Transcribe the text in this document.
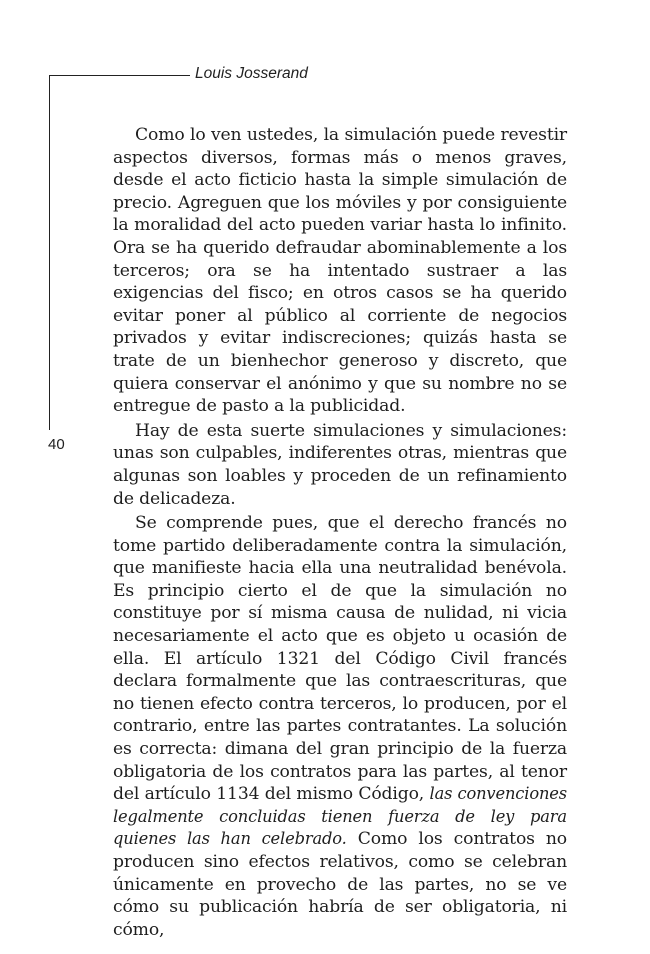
Louis Josserand
40

Como lo ven ustedes, la simulación puede revestir aspectos diversos, formas más o menos graves, desde el acto ficticio hasta la simple simulación de precio. Agreguen que los móviles y por consiguiente la moralidad del acto pueden variar hasta lo infinito. Ora se ha querido defraudar abominablemente a los terceros; ora se ha intentado sustraer a las exigencias del fisco; en otros casos se ha querido evitar poner al público al corriente de negocios privados y evitar indiscreciones; quizás hasta se trate de un bienhechor generoso y discreto, que quiera conservar el anónimo y que su nombre no se entregue de pasto a la publicidad.

Hay de esta suerte simulaciones y simulaciones: unas son culpables, indiferentes otras, mientras que algunas son loables y proceden de un refinamiento de delicadeza.

Se comprende pues, que el derecho francés no tome partido deliberadamente contra la simulación, que manifieste hacia ella una neutralidad benévola. Es principio cierto el de que la simulación no constituye por sí misma causa de nulidad, ni vicia necesariamente el acto que es objeto u ocasión de ella. El artículo 1321 del Código Civil francés declara formalmente que las contraescrituras, que no tienen efecto contra terceros, lo producen, por el contrario, entre las partes contratantes. La solución es correcta: dimana del gran principio de la fuerza obligatoria de los contratos para las partes, al tenor del artículo 1134 del mismo Código, las convenciones legalmente concluidas tienen fuerza de ley para quienes las han celebrado. Como los contratos no producen sino efectos relativos, como se celebran únicamente en provecho de las partes, no se ve cómo su publicación habría de ser obligatoria, ni cómo,
